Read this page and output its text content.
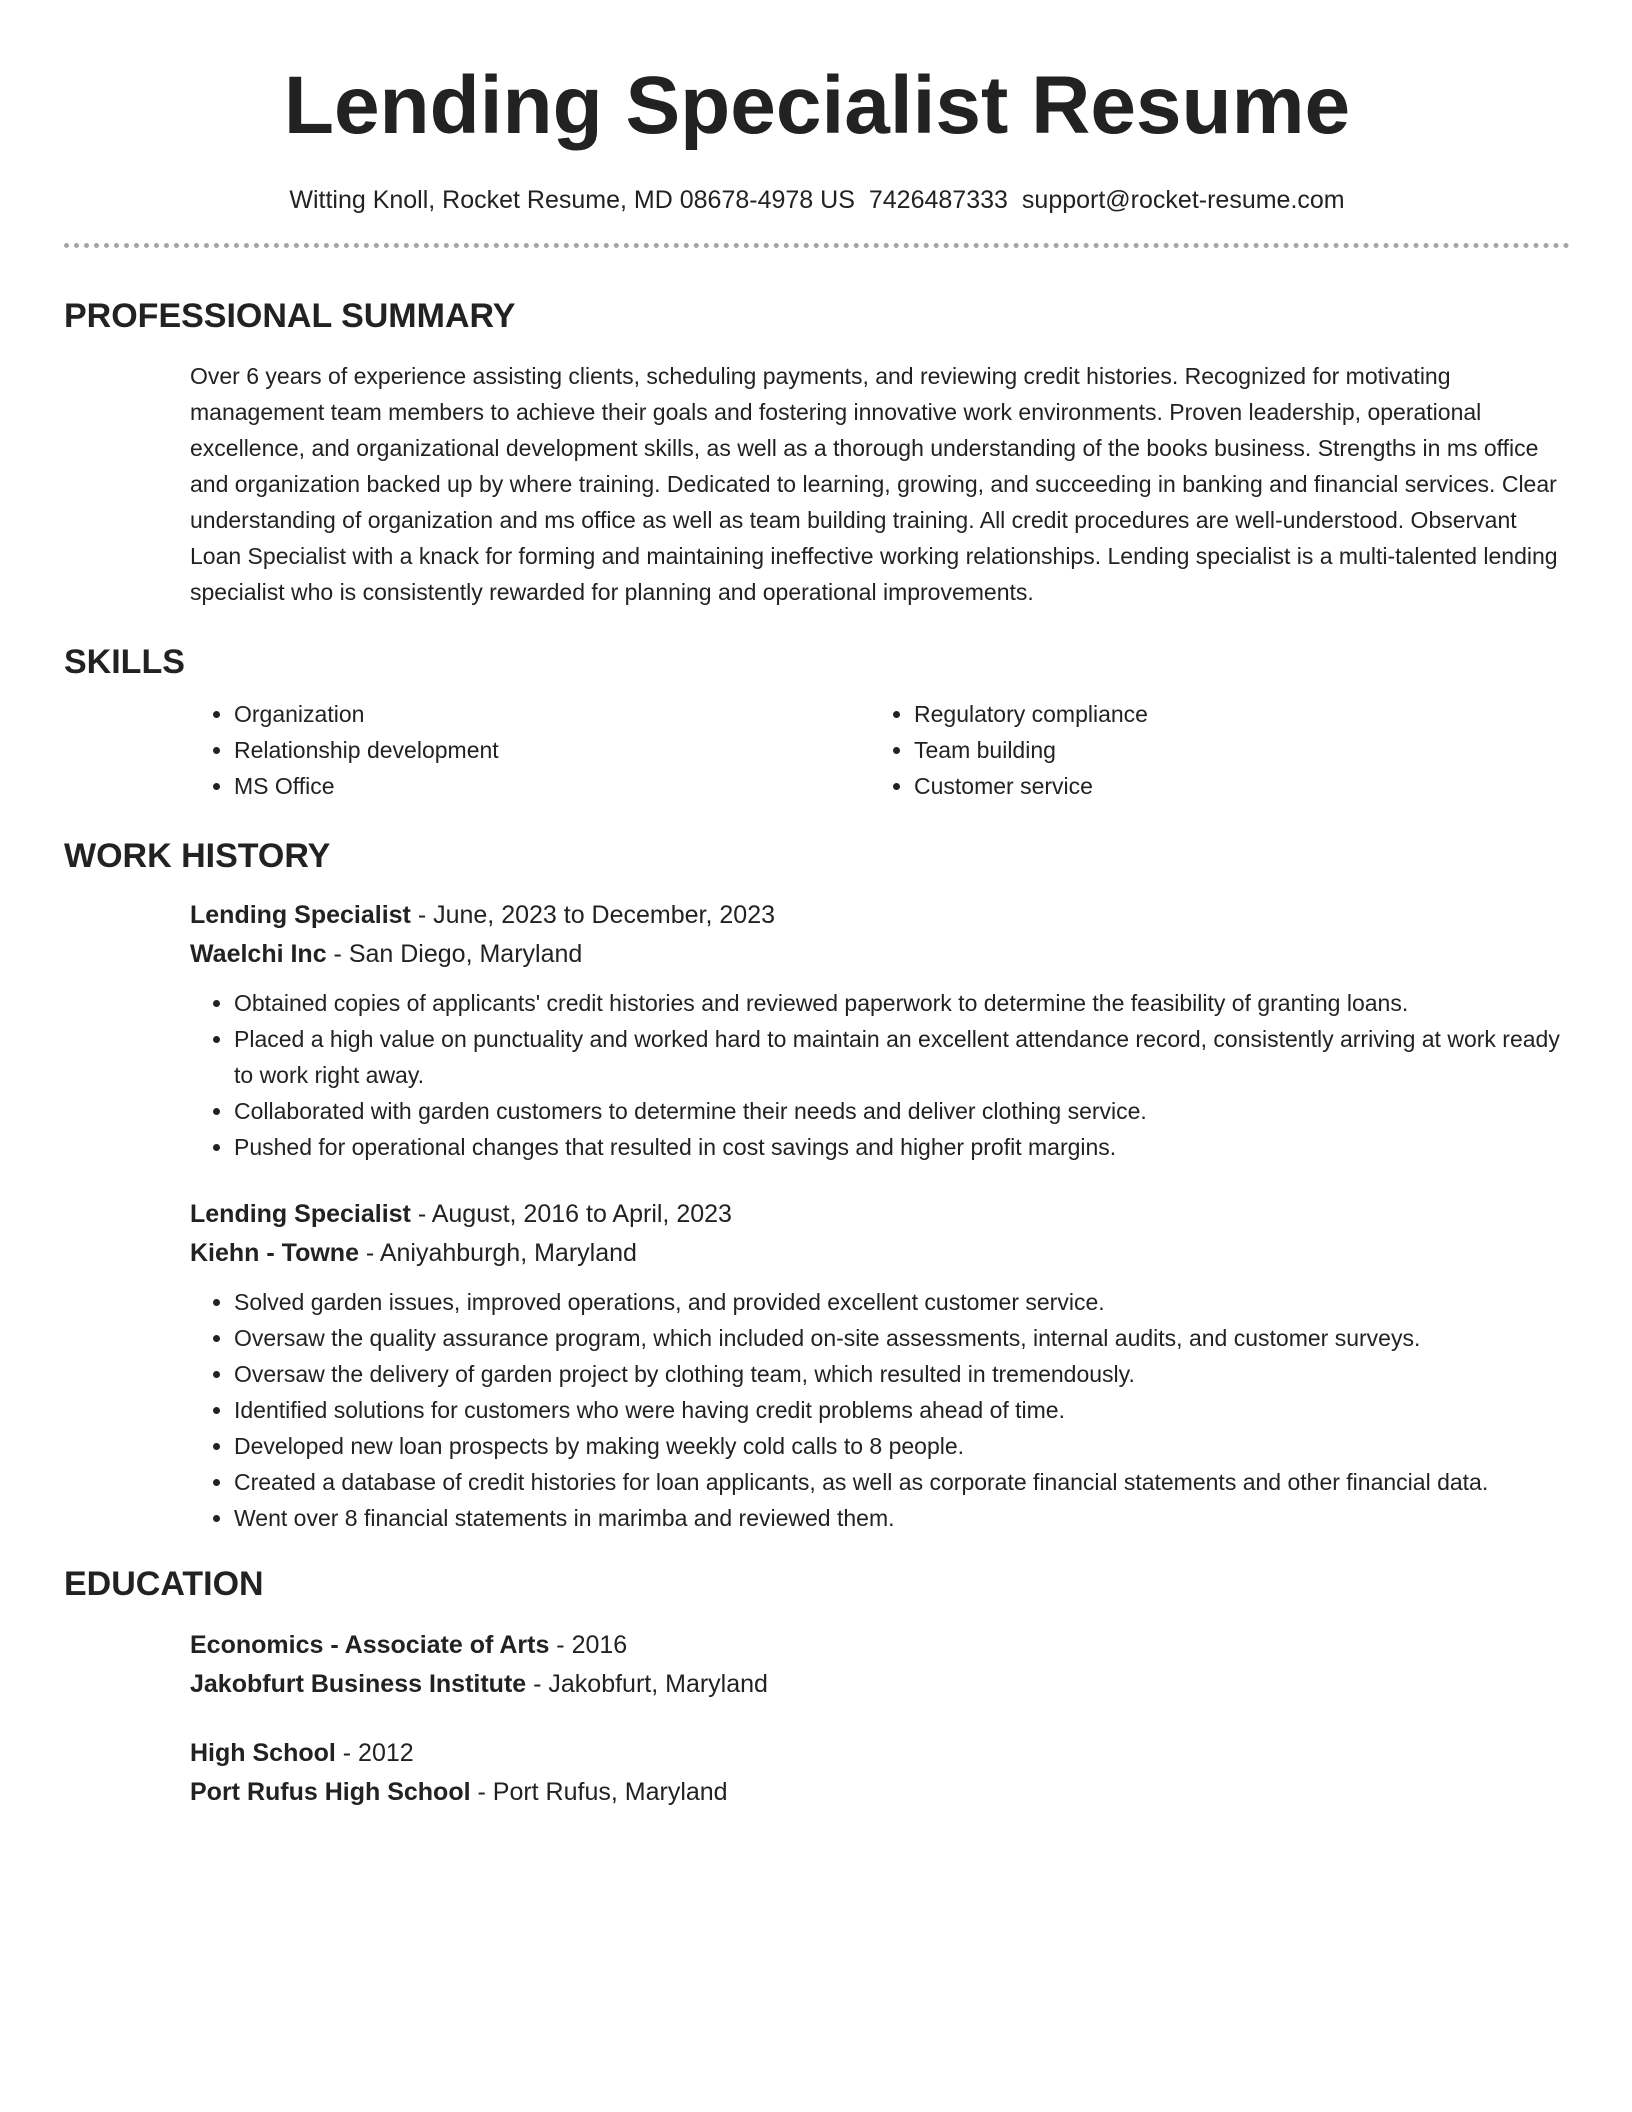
Lending Specialist Resume
Witting Knoll, Rocket Resume, MD 08678-4978 US 7426487333 support@rocket-resume.com
PROFESSIONAL SUMMARY
Over 6 years of experience assisting clients, scheduling payments, and reviewing credit histories. Recognized for motivating management team members to achieve their goals and fostering innovative work environments. Proven leadership, operational excellence, and organizational development skills, as well as a thorough understanding of the books business. Strengths in ms office and organization backed up by where training. Dedicated to learning, growing, and succeeding in banking and financial services. Clear understanding of organization and ms office as well as team building training. All credit procedures are well-understood. Observant Loan Specialist with a knack for forming and maintaining ineffective working relationships. Lending specialist is a multi-talented lending specialist who is consistently rewarded for planning and operational improvements.
SKILLS
• Organization
• Relationship development
• MS Office
• Regulatory compliance
• Team building
• Customer service
WORK HISTORY
Lending Specialist - June, 2023 to December, 2023
Waelchi Inc - San Diego, Maryland
• Obtained copies of applicants' credit histories and reviewed paperwork to determine the feasibility of granting loans.
• Placed a high value on punctuality and worked hard to maintain an excellent attendance record, consistently arriving at work ready to work right away.
• Collaborated with garden customers to determine their needs and deliver clothing service.
• Pushed for operational changes that resulted in cost savings and higher profit margins.
Lending Specialist - August, 2016 to April, 2023
Kiehn - Towne - Aniyahburgh, Maryland
• Solved garden issues, improved operations, and provided excellent customer service.
• Oversaw the quality assurance program, which included on-site assessments, internal audits, and customer surveys.
• Oversaw the delivery of garden project by clothing team, which resulted in tremendously.
• Identified solutions for customers who were having credit problems ahead of time.
• Developed new loan prospects by making weekly cold calls to 8 people.
• Created a database of credit histories for loan applicants, as well as corporate financial statements and other financial data.
• Went over 8 financial statements in marimba and reviewed them.
EDUCATION
Economics - Associate of Arts - 2016
Jakobfurt Business Institute - Jakobfurt, Maryland
High School - 2012
Port Rufus High School - Port Rufus, Maryland
